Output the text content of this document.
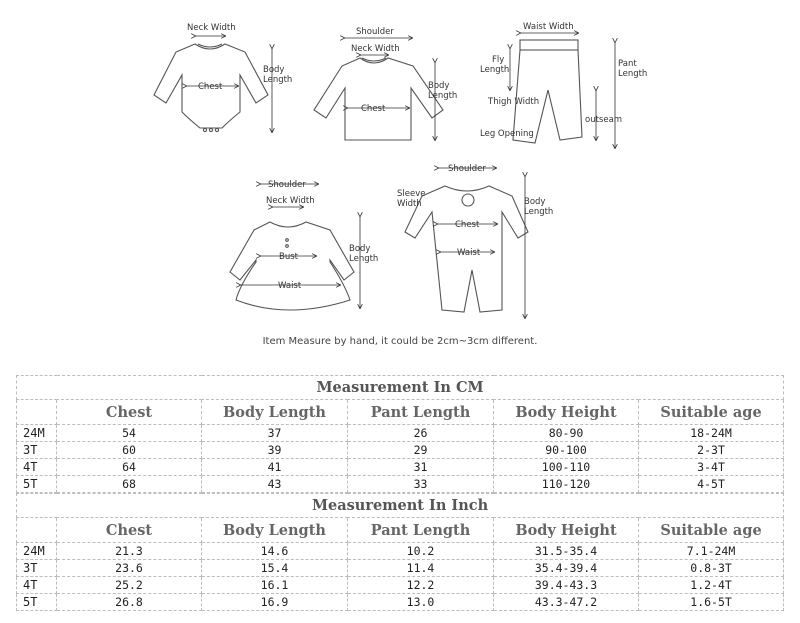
Neck Width
Body
Length
Chest
Shoulder
Neck Width
Body
Length
Chest
Waist Width
Fly
Length
Pant
Length
Thigh Width
outseam
Leg Opening
Shoulder
Neck Width
Body
Length
Bust
Waist
Shoulder
Sleeve
Width	Body
Length
Chest
Waist
Item Measure by hand, it could be 2cm~3cm different.
Measurement In CM					
	Chest	Body Length	Pant Length	Body Height	Suitable age
24M	54	37	26	80-90	18-24M
3T	60	39	29	90-100	2-3T
4T	64	41	31	100-110	3-4T
5T	68	43	33	110-120	4-5T
Measurement In Inch					
	Chest	Body Length	Pant Length	Body Height	Suitable age
24M	21.3	14.6	10.2	31.5-35.4	7.1-24M
3T	23.6	15.4	11.4	35.4-39.4	0.8-3T
4T	25.2	16.1	12.2	39.4-43.3	1.2-4T
5T	26.8	16.9	13.0	43.3-47.2	1.6-5T
